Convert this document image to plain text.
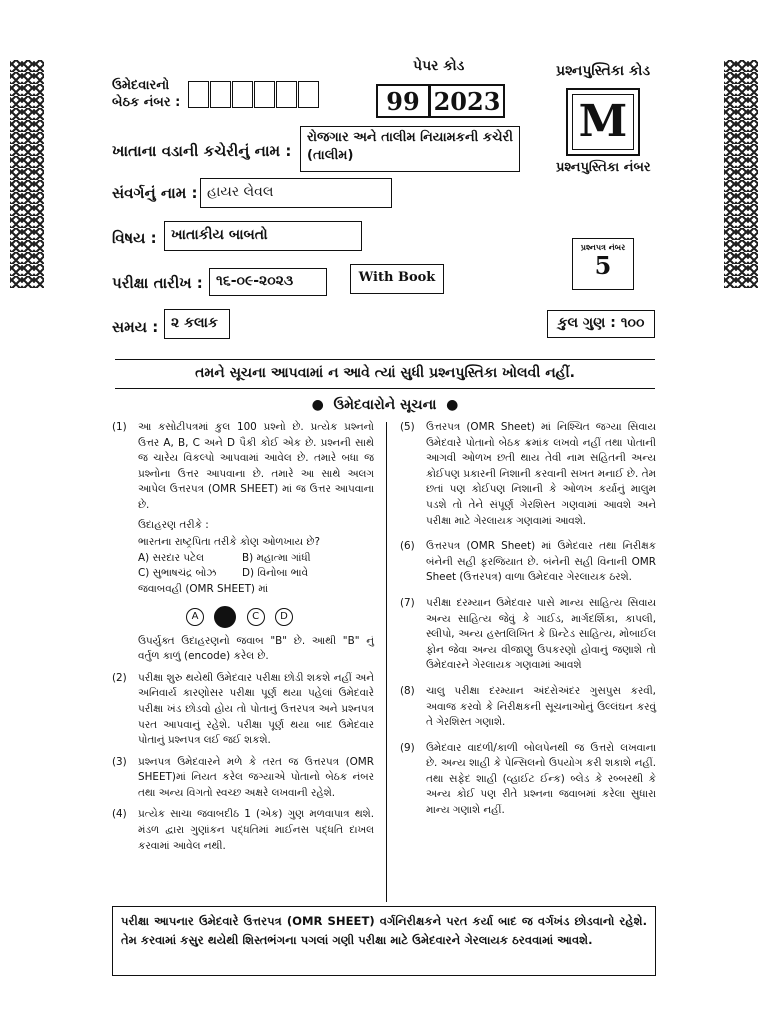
પેપર કોડ
99 2023
પ્રશ્નપુસ્તિકા કોડ
M
પ્રશ્નપુસ્તિકા નંબર
ઉમેદવારનો
બેઠક નંબર :
ખાતાના વડાની કચેરીનું નામ :
રોજગાર અને તાલીમ નિયામકની કચેરી (તાલીમ)
સંવર્ગનું નામ : હાયર લેવલ
વિષય :	ખાતાકીય બાબતો
પ્રશ્નપત્ર નંબર
5
પરીક્ષા તારીખ : ૧૬-૦૯-૨૦૨૩	With Book
સમય : ૨ કલાક	કુલ ગુણ : ૧૦૦
તમને સૂચના આપવામાં ન આવે ત્યાં સુધી પ્રશ્નપુસ્તિકા ખોલવી નહીં.
●  ઉમેદવારોને સૂચના  ●
(1) આ કસોટીપત્રમાં કુલ 100 પ્રશ્નો છે. પ્રત્યેક પ્રશ્નનો ઉત્તર A, B, C અને D પૈકી કોઈ એક છે. પ્રશ્નની સાથે જ ચારેય વિકલ્પો આપવામાં આવેલ છે. તમારે બધા જ પ્રશ્નોના ઉત્તર આપવાના છે. તમારે આ સાથે અલગ આપેલ ઉત્તરપત્ર (OMR SHEET) માં જ ઉત્તર આપવાના છે.
ઉદાહરણ તરીકે :
ભારતના રાષ્ટ્રપિતા તરીકે કોણ ઓળખાય છે?
A) સરદાર પટેલ	B) મહાત્મા ગાંધી
C) સુભાષચંદ્ર બોઝ	D) વિનોબા ભાવે
જવાબવહી (OMR SHEET) માં
A	C D
ઉપર્યુક્ત ઉદાહરણનો જવાબ "B" છે. આથી "B" નું વર્તુળ કાળું (encode) કરેલ છે.
(2) પરીક્ષા શુરુ થયેથી ઉમેદવાર પરીક્ષા છોડી શકશે નહીં અને અનિવાર્ય કારણોસર પરીક્ષા પૂર્ણ થયા પહેલાં ઉમેદવારે પરીક્ષા ખંડ છોડવો હોય તો પોતાનું ઉત્તરપત્ર અને પ્રશ્નપત્ર પરત આપવાનું રહેશે. પરીક્ષા પૂર્ણ થયા બાદ ઉમેદવાર પોતાનું પ્રશ્નપત્ર લઈ જઈ શકશે.
(3) પ્રશ્નપત્ર ઉમેદવારને મળે કે તરત જ ઉત્તરપત્ર (OMR SHEET)માં નિયત કરેલ જગ્યાએ પોતાનો બેઠક નંબર તથા અન્ય વિગતો સ્વચ્છ અક્ષરે લખવાની રહેશે.
(4) પ્રત્યેક સાચા જવાબદીઠ 1 (એક) ગુણ મળવાપાત્ર થશે. મંડળ દ્વારા ગુણાંકન પદ્ધતિમાં માઈનસ પદ્ધતિ દાખલ કરવામાં આવેલ નથી.
(5) ઉત્તરપત્ર (OMR Sheet) માં નિશ્ચિત જગ્યા સિવાય ઉમેદવારે પોતાનો બેઠક ક્રમાંક લખવો નહીં તથા પોતાની આગવી ઓળખ છતી થાય તેવી નામ સહિતની અન્ય કોઈપણ પ્રકારની નિશાની કરવાની સખત મનાઈ છે. તેમ છતાં પણ કોઈપણ નિશાની કે ઓળખ કર્યાનું માલુમ પડશે તો તેને સંપૂર્ણ ગેરશિસ્ત ગણવામાં આવશે અને પરીક્ષા માટે ગેરલાયક ગણવામાં આવશે.
(6) ઉત્તરપત્ર (OMR Sheet) માં ઉમેદવાર તથા નિરીક્ષક બંનેની સહી ફરજિયાત છે. બંનેની સહી વિનાની OMR Sheet (ઉત્તરપત્ર) વાળા ઉમેદવાર ગેરલાયક ઠરશે.
(7) પરીક્ષા દરમ્યાન ઉમેદવાર પાસે માન્ય સાહિત્ય સિવાય અન્ય સાહિત્ય જેવું કે ગાઈડ, માર્ગદર્શિકા, કાપલી, સ્લીપો, અન્ય હસ્તલિખિત કે પ્રિન્ટેડ સાહિત્ય, મોબાઈલ ફોન જેવા અન્ય વીજાણુ ઉપકરણો હોવાનું જણાશે તો ઉમેદવારને ગેરલાયક ગણવામાં આવશે
(8) ચાલુ પરીક્ષા દરમ્યાન અંદરોઅંદર ગુસપુસ કરવી, અવાજ કરવો કે નિરીક્ષકની સૂચનાઓનું ઉલ્લંઘન કરવું તે ગેરશિસ્ત ગણાશે.
(9) ઉમેદવાર વાદળી/કાળી બોલપેનથી જ ઉત્તરો લખવાના છે. અન્ય શાહી કે પેન્સિલનો ઉપયોગ કરી શકાશે નહીં. તથા સફેદ શાહી (વ્હાઈટ ઈન્ક) બ્લેડ કે રબ્બરથી કે અન્ય કોઈ પણ રીતે પ્રશ્નના જવાબમાં કરેલા સુધારા માન્ય ગણાશે નહીં.
પરીક્ષા આપનાર ઉમેદવારે ઉત્તરપત્ર (OMR SHEET) વર્ગનિરીક્ષકને પરત કર્યા બાદ જ વર્ગખંડ છોડવાનો રહેશે. તેમ કરવામાં કસુર થયેથી શિસ્તભંગના પગલાં ગણી પરીક્ષા માટે ઉમેદવારને ગેરલાયક ઠરવવામાં આવશે.
